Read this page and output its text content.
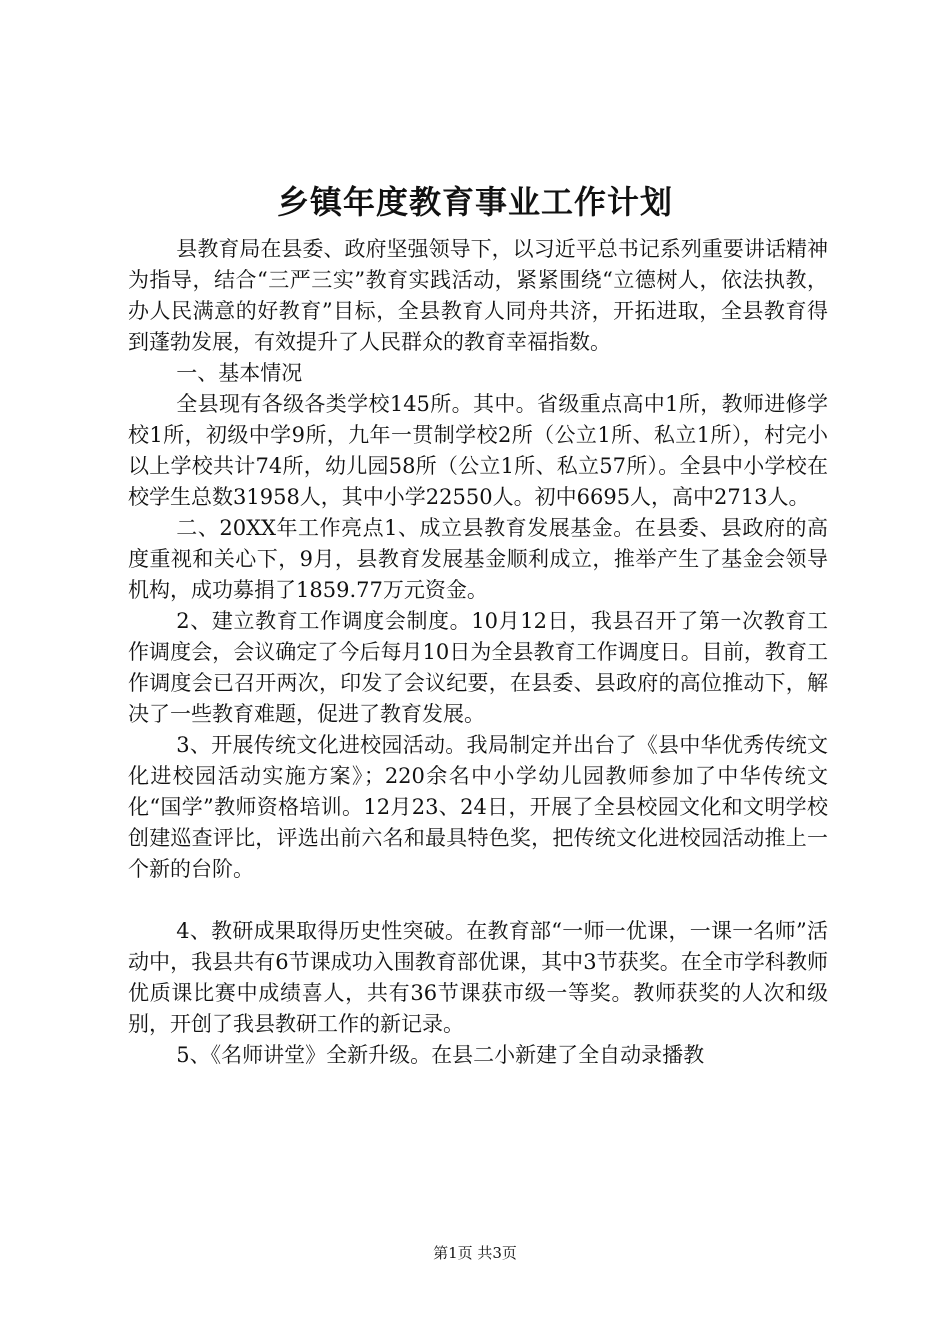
乡镇年度教育事业工作计划

县教育局在县委、政府坚强领导下，以习近平总书记系列重要讲话精神为指导，结合“三严三实”教育实践活动，紧紧围绕“立德树人，依法执教，办人民满意的好教育”目标，全县教育人同舟共济，开拓进取，全县教育得到蓬勃发展，有效提升了人民群众的教育幸福指数。

一、基本情况

全县现有各级各类学校145所。其中。省级重点高中1所，教师进修学校1所，初级中学9所，九年一贯制学校2所（公立1所、私立1所），村完小以上学校共计74所，幼儿园58所（公立1所、私立57所）。全县中小学校在校学生总数31958人，其中小学22550人。初中6695人，高中2713人。

二、20XX年工作亮点1、成立县教育发展基金。在县委、县政府的高度重视和关心下，9月，县教育发展基金顺利成立，推举产生了基金会领导机构，成功募捐了1859.77万元资金。

2、建立教育工作调度会制度。10月12日，我县召开了第一次教育工作调度会，会议确定了今后每月10日为全县教育工作调度日。目前，教育工作调度会已召开两次，印发了会议纪要，在县委、县政府的高位推动下，解决了一些教育难题，促进了教育发展。

3、开展传统文化进校园活动。我局制定并出台了《县中华优秀传统文化进校园活动实施方案》；220余名中小学幼儿园教师参加了中华传统文化“国学”教师资格培训。12月23、24日，开展了全县校园文化和文明学校创建巡查评比，评选出前六名和最具特色奖，把传统文化进校园活动推上一个新的台阶。

4、教研成果取得历史性突破。在教育部“一师一优课，一课一名师”活动中，我县共有6节课成功入围教育部优课，其中3节获奖。在全市学科教师优质课比赛中成绩喜人，共有36节课获市级一等奖。教师获奖的人次和级别，开创了我县教研工作的新记录。

5、《名师讲堂》全新升级。在县二小新建了全自动录播教

第1页 共3页
